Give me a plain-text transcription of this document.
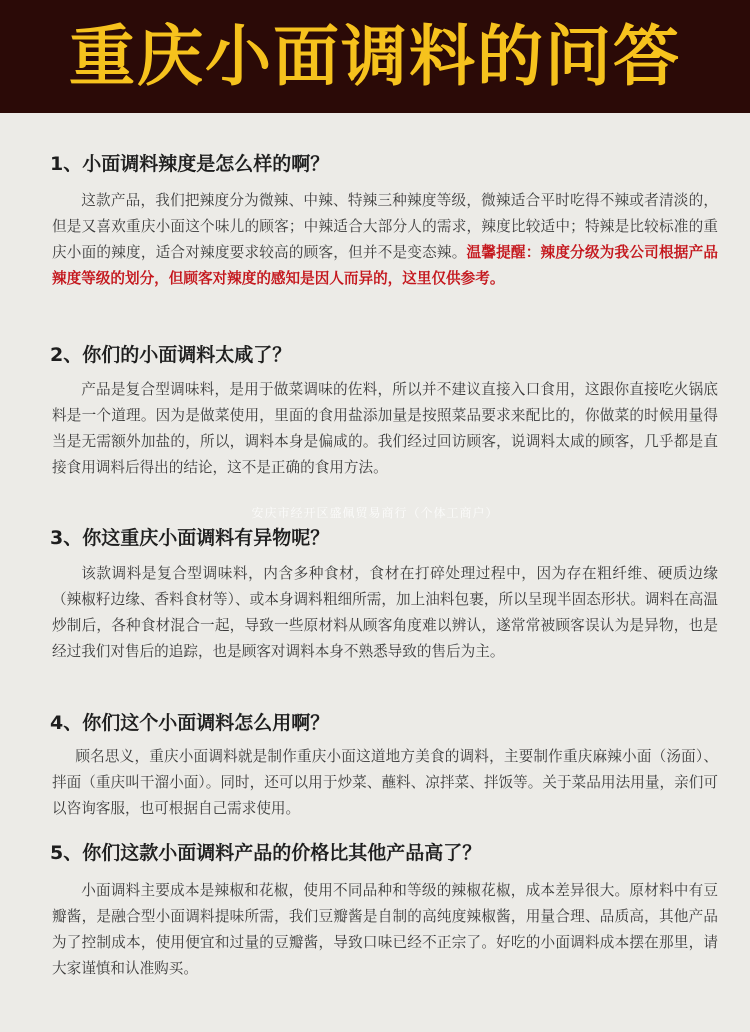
重庆小面调料的问答
1、小面调料辣度是怎么样的啊？

这款产品，我们把辣度分为微辣、中辣、特辣三种辣度等级，微辣适合平时吃得不辣或者清淡的，但是又喜欢重庆小面这个味儿的顾客；中辣适合大部分人的需求，辣度比较适中；特辣是比较标准的重庆小面的辣度，适合对辣度要求较高的顾客，但并不是变态辣。温馨提醒：辣度分级为我公司根据产品辣度等级的划分，但顾客对辣度的感知是因人而异的，这里仅供参考。

2、你们的小面调料太咸了？

产品是复合型调味料，是用于做菜调味的佐料，所以并不建议直接入口食用，这跟你直接吃火锅底料是一个道理。因为是做菜使用，里面的食用盐添加量是按照菜品要求来配比的，你做菜的时候用量得当是无需额外加盐的，所以，调料本身是偏咸的。我们经过回访顾客，说调料太咸的顾客，几乎都是直接食用调料后得出的结论，这不是正确的食用方法。

安庆市经开区盛佩贸易商行（个体工商户）
3、你这重庆小面调料有异物呢？

该款调料是复合型调味料，内含多种食材，食材在打碎处理过程中，因为存在粗纤维、硬质边缘（辣椒籽边缘、香料食材等）、或本身调料粗细所需，加上油料包裹，所以呈现半固态形状。调料在高温炒制后，各种食材混合一起，导致一些原材料从顾客角度难以辨认，遂常常被顾客误认为是异物，也是经过我们对售后的追踪，也是顾客对调料本身不熟悉导致的售后为主。

4、你们这个小面调料怎么用啊？

顾名思义，重庆小面调料就是制作重庆小面这道地方美食的调料，主要制作重庆麻辣小面（汤面）、拌面（重庆叫干溜小面）。同时，还可以用于炒菜、蘸料、凉拌菜、拌饭等。关于菜品用法用量，亲们可以咨询客服，也可根据自己需求使用。

5、你们这款小面调料产品的价格比其他产品高了？

小面调料主要成本是辣椒和花椒，使用不同品种和等级的辣椒花椒，成本差异很大。原材料中有豆瓣酱，是融合型小面调料提味所需，我们豆瓣酱是自制的高纯度辣椒酱，用量合理、品质高，其他产品为了控制成本，使用便宜和过量的豆瓣酱，导致口味已经不正宗了。好吃的小面调料成本摆在那里，请大家谨慎和认准购买。
